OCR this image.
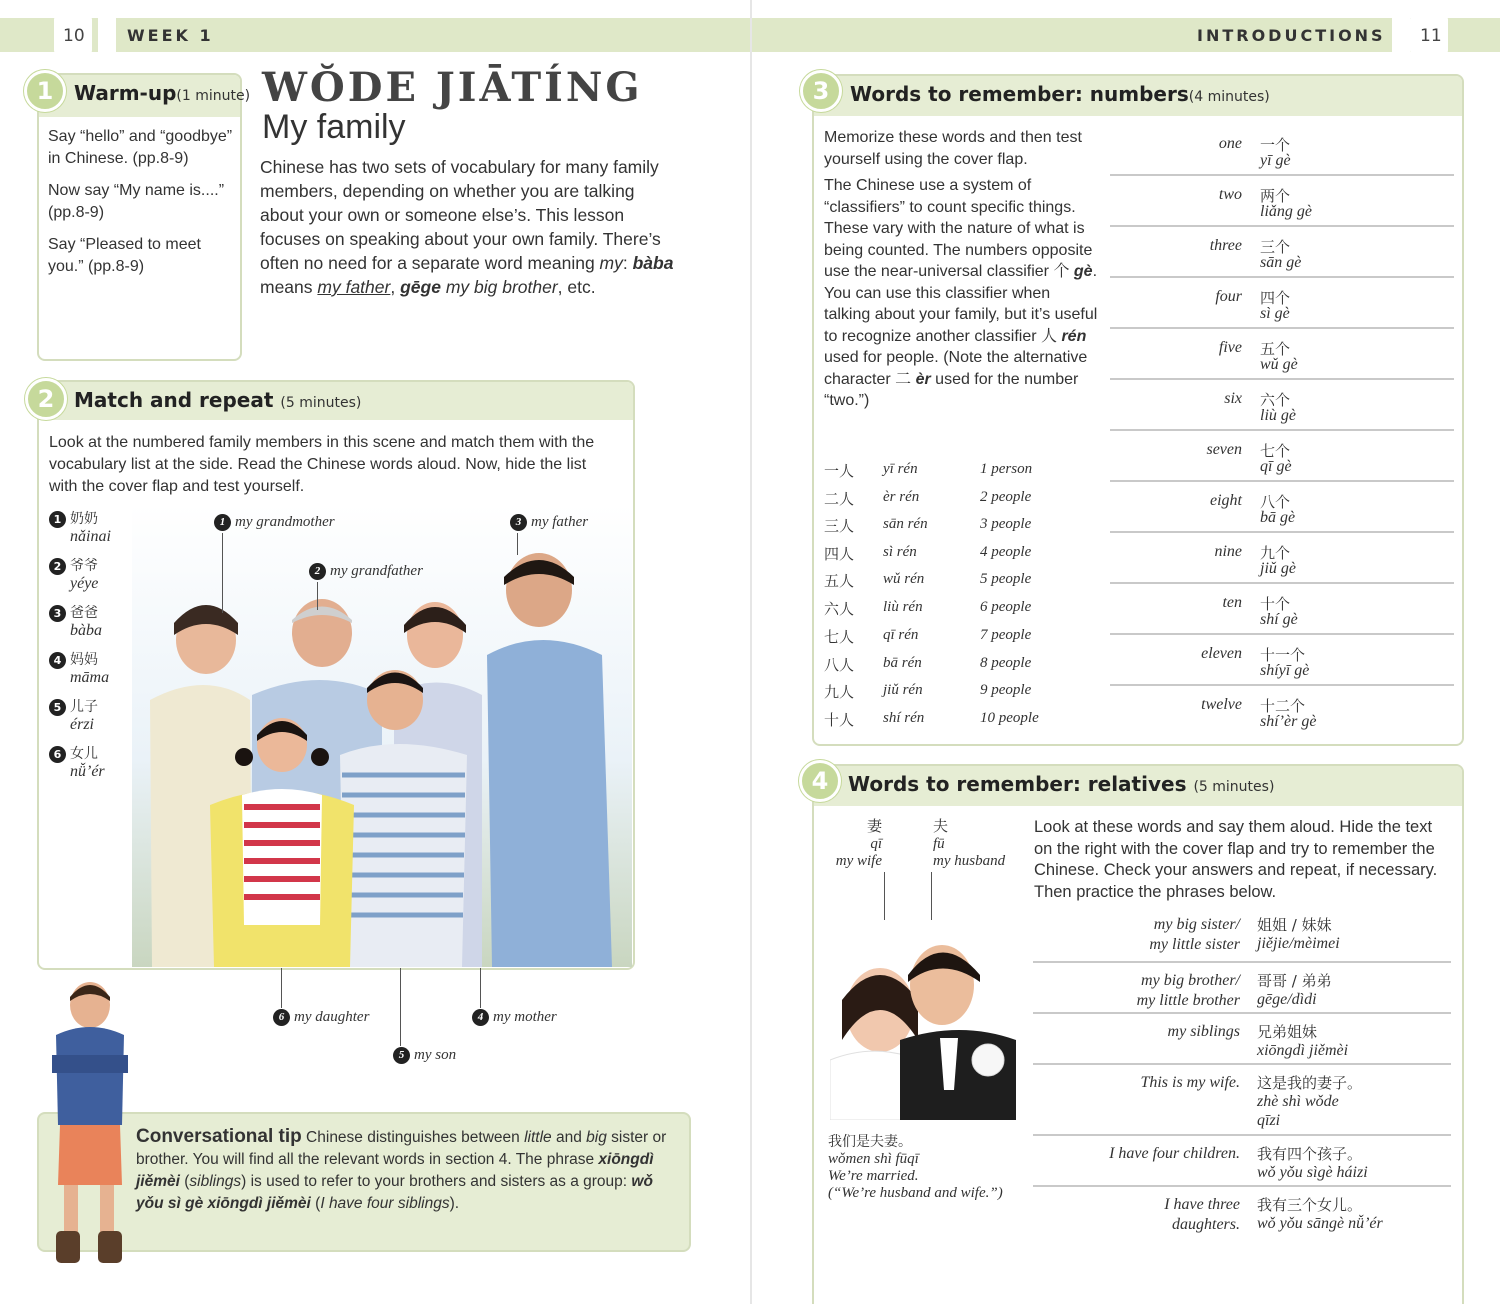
10	WEEK 1	INTRODUCTIONS 11
WŎDE JIĀTÍNG
My family
Chinese has two sets of vocabulary for many family
members, depending on whether you are talking
about your own or someone else’s. This lesson
focuses on speaking about your own family. There’s
often no need for a separate word meaning my: bàba
means my father, gēge my big brother, etc.
1	Warm-up(1 minute)
Say “hello” and “goodbye” in Chinese. (pp.8-9)
Now say “My name is....” (pp.8-9)
Say “Pleased to meet you.” (pp.8-9)
2 Match and repeat (5 minutes)
Look at the numbered family members in this scene and match them with the vocabulary list at the side. Read the Chinese words aloud. Now, hide the list with the cover flap and test yourself.
1 奶奶
nǎinai
2 爷爷
yéye
3 爸爸
bàba
4 妈妈
māma
5 儿子
érzi
6 女儿
nǚ’ér
1 my grandmother
2 my grandfather
3 my father
6 my daughter	4 my mother
5 my son
Conversational tip Chinese distinguishes between little and big sister or brother. You will find all the relevant words in section 4. The phrase xiōngdì jiěmèi (siblings) is used to refer to your brothers and sisters as a group: wǒ yǒu sì gè xiōngdì jiěmèi (I have four siblings).
3	Words to remember: numbers(4 minutes)
Memorize these words and then test yourself using the cover flap.
The Chinese use a system of “classifiers” to count specific things. These vary with the nature of what is being counted. The numbers opposite use the near-universal classifier 个 gè. You can use this classifier when talking about your family, but it’s useful to recognize another classifier 人 rén used for people. (Note the alternative character 二 èr used for the number “two.”)
一人 yī rén	1 person
二人 èr rén	2 people
三人 sān rén	3 people
四人 sì rén	4 people
五人 wǔ rén	5 people
六人 liù rén	6 people
七人 qī rén	7 people
八人 bā rén	8 people
九人 jiǔ rén	9 people
十人 shí rén	10 people
one 一个
yī gè
two 两个
liǎng gè
three 三个
sān gè
four 四个
sì gè
five 五个
wǔ gè
six 六个
liù gè
seven 七个
qī gè
eight 八个
bā gè
nine 九个
jiǔ gè
ten 十个
shí gè
eleven 十一个
shíyī gè
twelve 十二个
shí’èr gè
4 Words to remember: relatives (5 minutes)
妻
qī
my wife
夫
fū
my husband
Look at these words and say them aloud. Hide the text on the right with the cover flap and try to remember the Chinese. Check your answers and repeat, if necessary. Then practice the phrases below.
我们是夫妻。
wǒmen shì fūqī
We’re married.
(“We’re husband and wife.”)
my big sister/
my little sister
姐姐 / 妹妹
jiějie/mèimei
my big brother/
my little brother
哥哥 / 弟弟
gēge/dìdi
my siblings 兄弟姐妹
xiōngdì jiěmèi
This is my wife. 这是我的妻子。
zhè shì wǒde
qīzi
I have four children. 我有四个孩子。
wǒ yǒu sìgè háizi
I have three
daughters.
我有三个女儿。
wǒ yǒu sāngè nǚ’ér
